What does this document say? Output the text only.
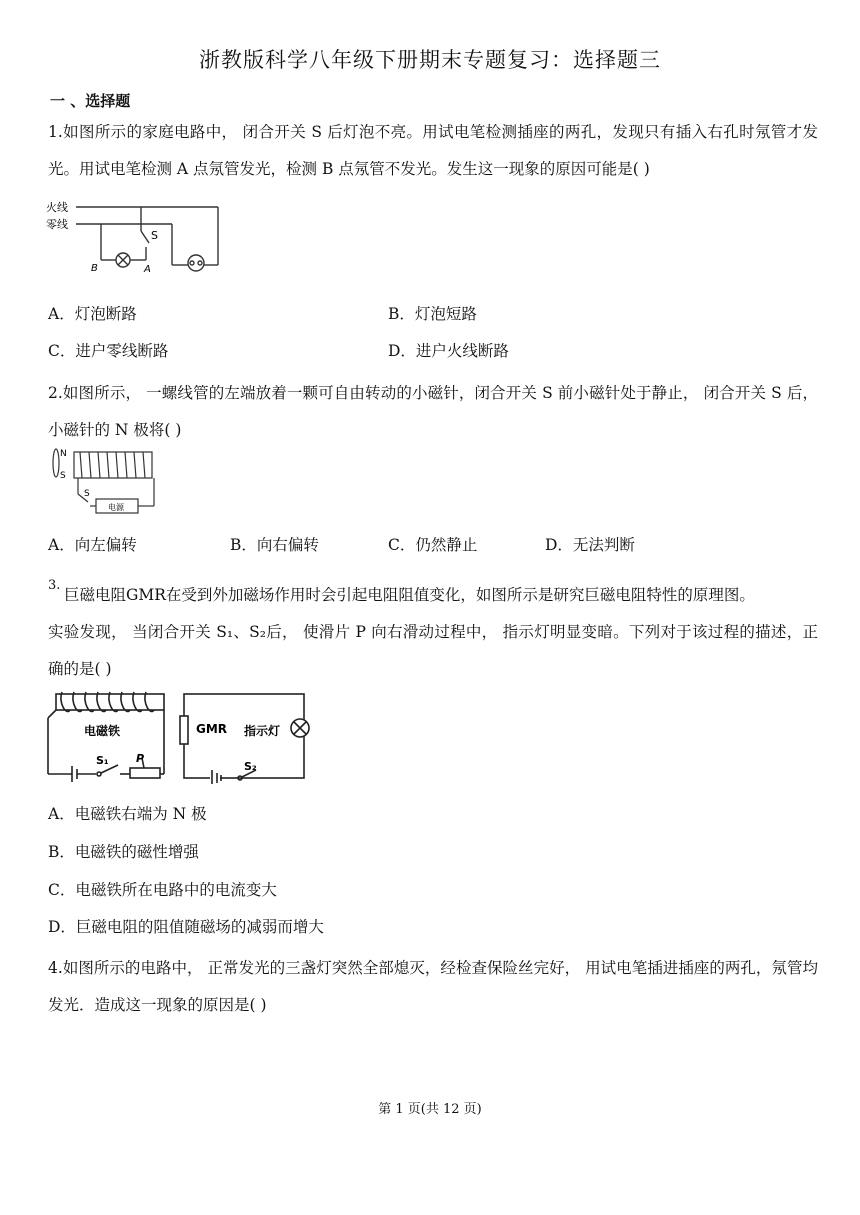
浙教版科学八年级下册期末专题复习：选择题三
一 、选择题
1.如图所示的家庭电路中， 闭合开关 S 后灯泡不亮。用试电笔检测插座的两孔，发现只有插入右孔时氖管才发光。用试电笔检测 A 点氖管发光，检测 B 点氖管不发光。发生这一现象的原因可能是( )
火线
零线
S
B	A
A．灯泡断路	B．灯泡短路
C．进户零线断路	D．进户火线断路
2.如图所示， 一螺线管的左端放着一颗可自由转动的小磁针，闭合开关 S 前小磁针处于静止， 闭合开关 S 后，小磁针的 N 极将( )
N
S
S
电源
A．向左偏转	B．向右偏转	C．仍然静止	D．无法判断
3.
巨磁电阻GMR在受到外加磁场作用时会引起电阻阻值变化，如图所示是研究巨磁电阻特性的原理图。
实验发现， 当闭合开关 S₁、S₂后， 使滑片 P 向右滑动过程中， 指示灯明显变暗。下列对于该过程的描述，正确的是( )
电磁铁	GMR 指示灯
S₁ P
S₂
A．电磁铁右端为 N 极
B．电磁铁的磁性增强
C．电磁铁所在电路中的电流变大
D．巨磁电阻的阻值随磁场的减弱而增大
4.如图所示的电路中， 正常发光的三盏灯突然全部熄灭，经检查保险丝完好， 用试电笔插进插座的两孔，氖管均发光．造成这一现象的原因是( )
第 1 页(共 12 页)
